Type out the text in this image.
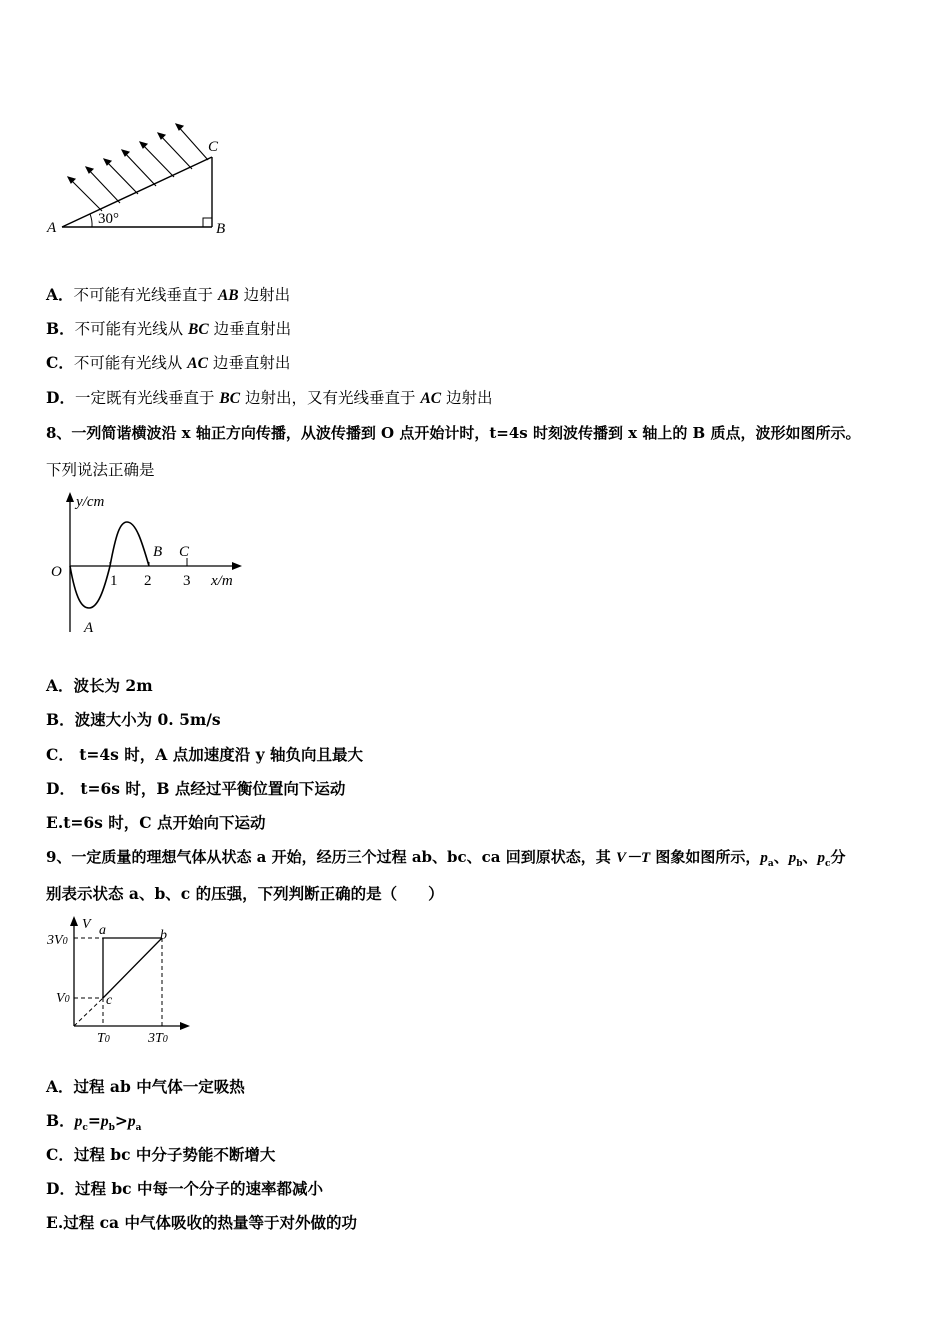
A	B
C
30°
A．不可能有光线垂直于 AB 边射出
B．不可能有光线从 BC 边垂直射出
C．不可能有光线从 AC 边垂直射出
D．一定既有光线垂直于 BC 边射出，又有光线垂直于 AC 边射出
8、一列简谐横波沿 x 轴正方向传播，从波传播到 O 点开始计时，t=4s 时刻波传播到 x 轴上的 B 质点，波形如图所示。
下列说法正确是
y/cm
O
1 2 3 x/m
A
B C
A．波长为 2m
B．波速大小为 0. 5m/s
C． t=4s 时，A 点加速度沿 y 轴负向且最大
D． t=6s 时，B 点经过平衡位置向下运动
E.t=6s 时，C 点开始向下运动
9、一定质量的理想气体从状态 a 开始，经历三个过程 ab、bc、ca 回到原状态，其 V－T 图象如图所示，$p_a$、$p_b$、$p_c$分
别表示状态 a、b、c 的压强，下列判断正确的是（　　）
V
3V0
V0
T0	3T0
a	b
c
A．过程 ab 中气体一定吸热
B．$p_c=p_b>p_a$
C．过程 bc 中分子势能不断增大
D．过程 bc 中每一个分子的速率都减小
E.过程 ca 中气体吸收的热量等于对外做的功
